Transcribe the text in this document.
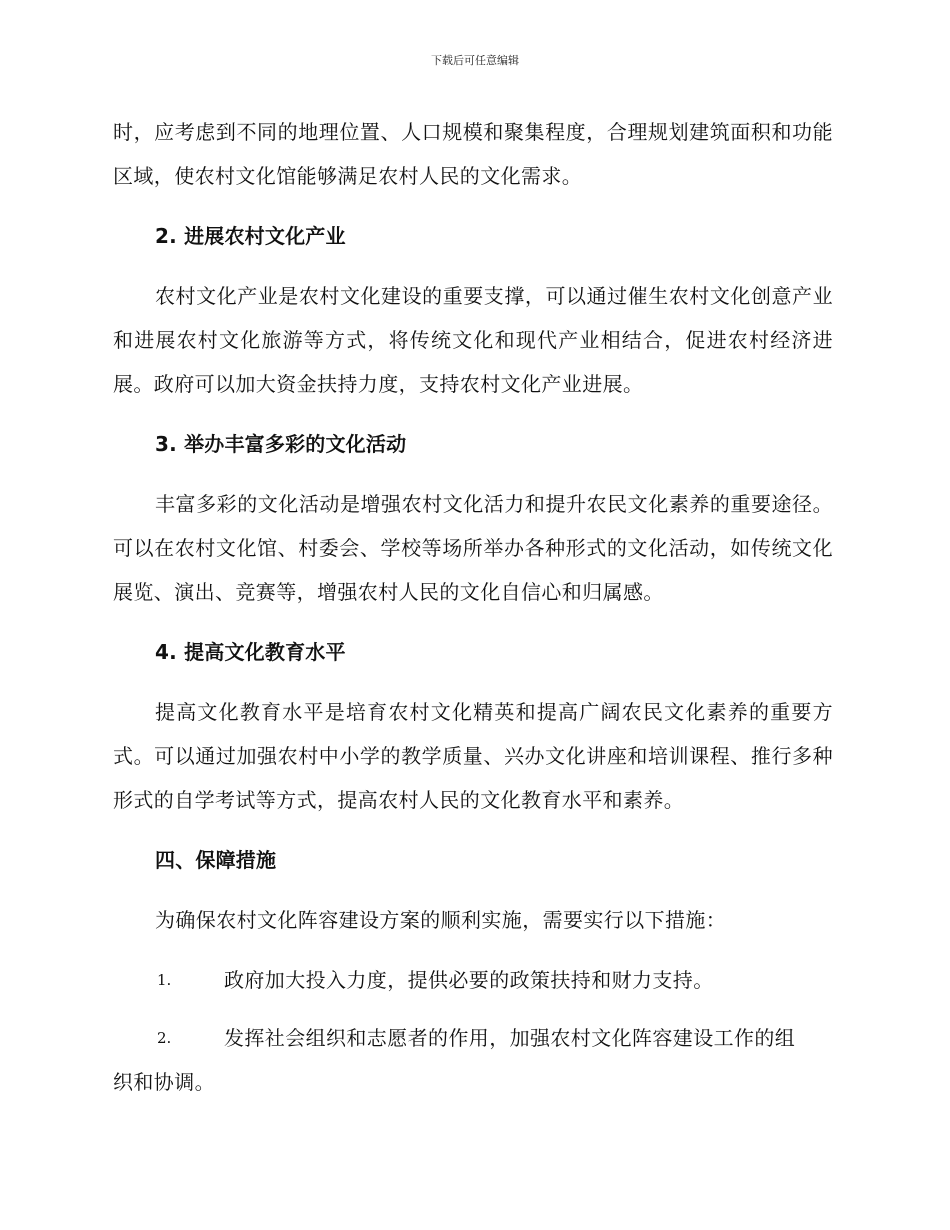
下载后可任意编辑

时，应考虑到不同的地理位置、人口规模和聚集程度，合理规划建筑面积和功能区域，使农村文化馆能够满足农村人民的文化需求。

2. 进展农村文化产业

农村文化产业是农村文化建设的重要支撑，可以通过催生农村文化创意产业和进展农村文化旅游等方式，将传统文化和现代产业相结合，促进农村经济进展。政府可以加大资金扶持力度，支持农村文化产业进展。

3. 举办丰富多彩的文化活动

丰富多彩的文化活动是增强农村文化活力和提升农民文化素养的重要途径。可以在农村文化馆、村委会、学校等场所举办各种形式的文化活动，如传统文化展览、演出、竞赛等，增强农村人民的文化自信心和归属感。

4. 提高文化教育水平

提高文化教育水平是培育农村文化精英和提高广阔农民文化素养的重要方式。可以通过加强农村中小学的教学质量、兴办文化讲座和培训课程、推行多种形式的自学考试等方式，提高农村人民的文化教育水平和素养。

四、保障措施

为确保农村文化阵容建设方案的顺利实施，需要实行以下措施：

1.	政府加大投入力度，提供必要的政策扶持和财力支持。
2.	发挥社会组织和志愿者的作用，加强农村文化阵容建设工作的组
织和协调。
